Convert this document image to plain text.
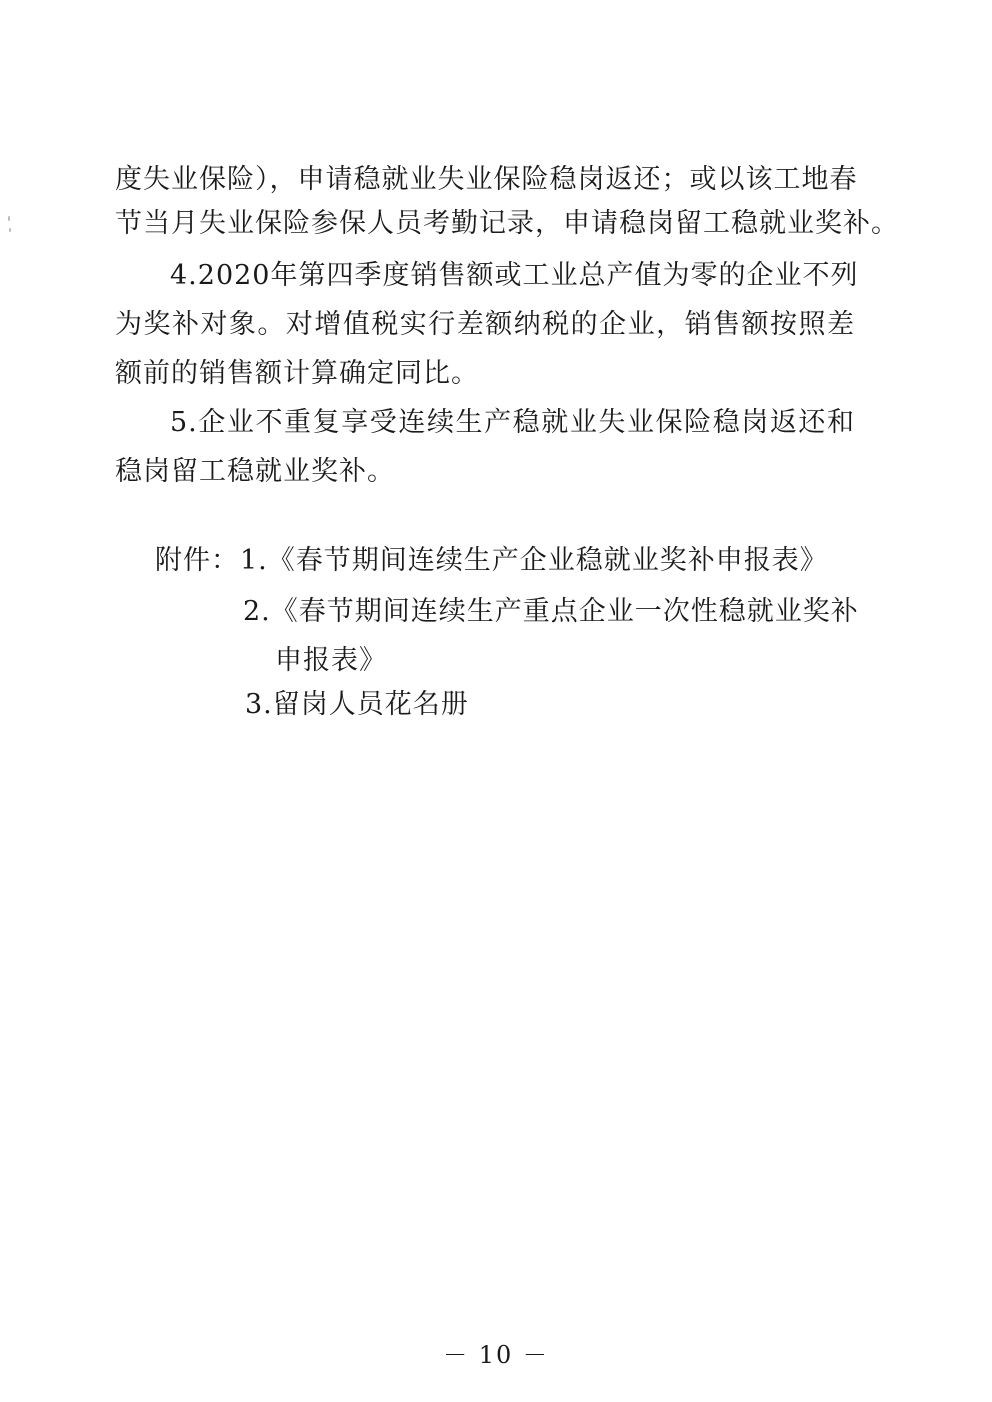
度失业保险），申请稳就业失业保险稳岗返还；或以该工地春
节当月失业保险参保人员考勤记录，申请稳岗留工稳就业奖补。
4.2020年第四季度销售额或工业总产值为零的企业不列
为奖补对象。对增值税实行差额纳税的企业，销售额按照差
额前的销售额计算确定同比。
5.企业不重复享受连续生产稳就业失业保险稳岗返还和
稳岗留工稳就业奖补。
附件： 1.《春节期间连续生产企业稳就业奖补申报表》
2.《春节期间连续生产重点企业一次性稳就业奖补
申报表》
3.留岗人员花名册
－ 10 －
